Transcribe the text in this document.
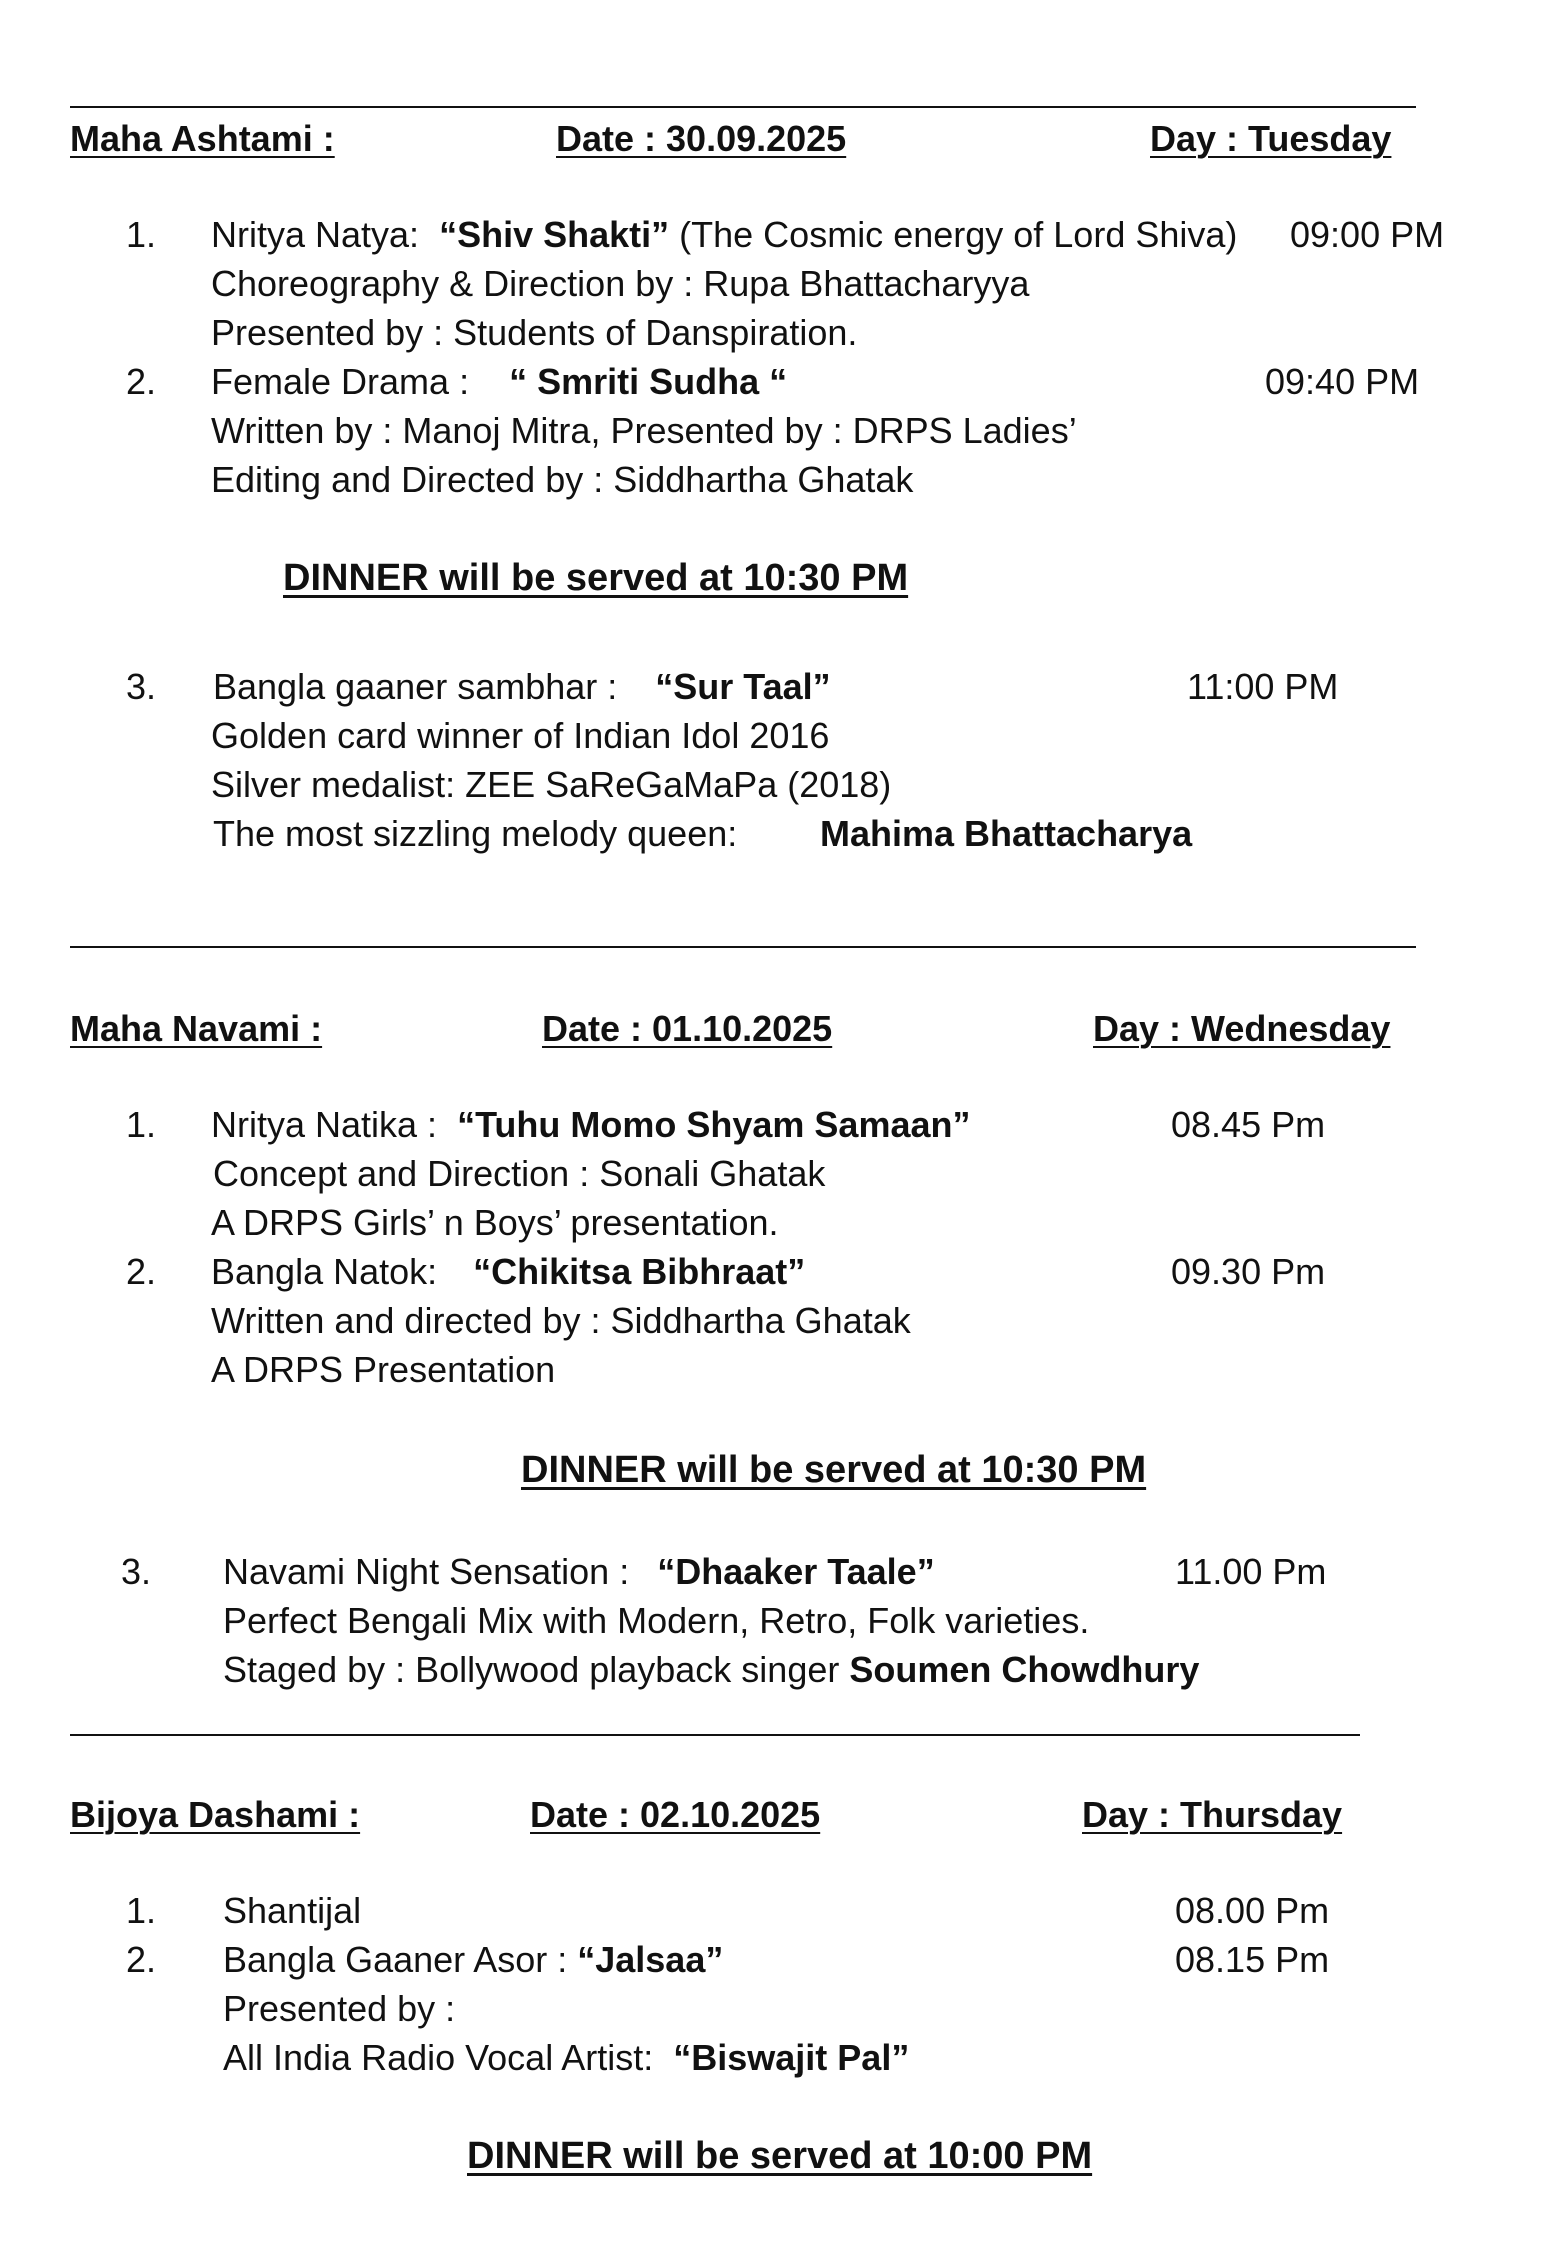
Maha Ashtami :	Date : 30.09.2025	Day : Tuesday
1. Nritya Natya: “Shiv Shakti” (The Cosmic energy of Lord Shiva) 09:00 PM
Choreography & Direction by : Rupa Bhattacharyya
Presented by : Students of Danspiration.
2. Female Drama : “ Smriti Sudha “	09:40 PM
Written by : Manoj Mitra, Presented by : DRPS Ladies’
Editing and Directed by : Siddhartha Ghatak
DINNER will be served at 10:30 PM
3. Bangla gaaner sambhar : “Sur Taal”	11:00 PM
Golden card winner of Indian Idol 2016
Silver medalist: ZEE SaReGaMaPa (2018)
The most sizzling melody queen: Mahima Bhattacharya
Maha Navami :	Date : 01.10.2025	Day : Wednesday
1. Nritya Natika : “Tuhu Momo Shyam Samaan”	08.45 Pm
Concept and Direction : Sonali Ghatak
A DRPS Girls’ n Boys’ presentation.
2. Bangla Natok: “Chikitsa Bibhraat”	09.30 Pm
Written and directed by : Siddhartha Ghatak
A DRPS Presentation
DINNER will be served at 10:30 PM
3. Navami Night Sensation : “Dhaaker Taale”	11.00 Pm
Perfect Bengali Mix with Modern, Retro, Folk varieties.
Staged by : Bollywood playback singer Soumen Chowdhury
Bijoya Dashami :	Date : 02.10.2025	Day : Thursday
1. Shantijal	08.00 Pm
2. Bangla Gaaner Asor : “Jalsaa”	08.15 Pm
Presented by :
All India Radio Vocal Artist: “Biswajit Pal”
DINNER will be served at 10:00 PM
